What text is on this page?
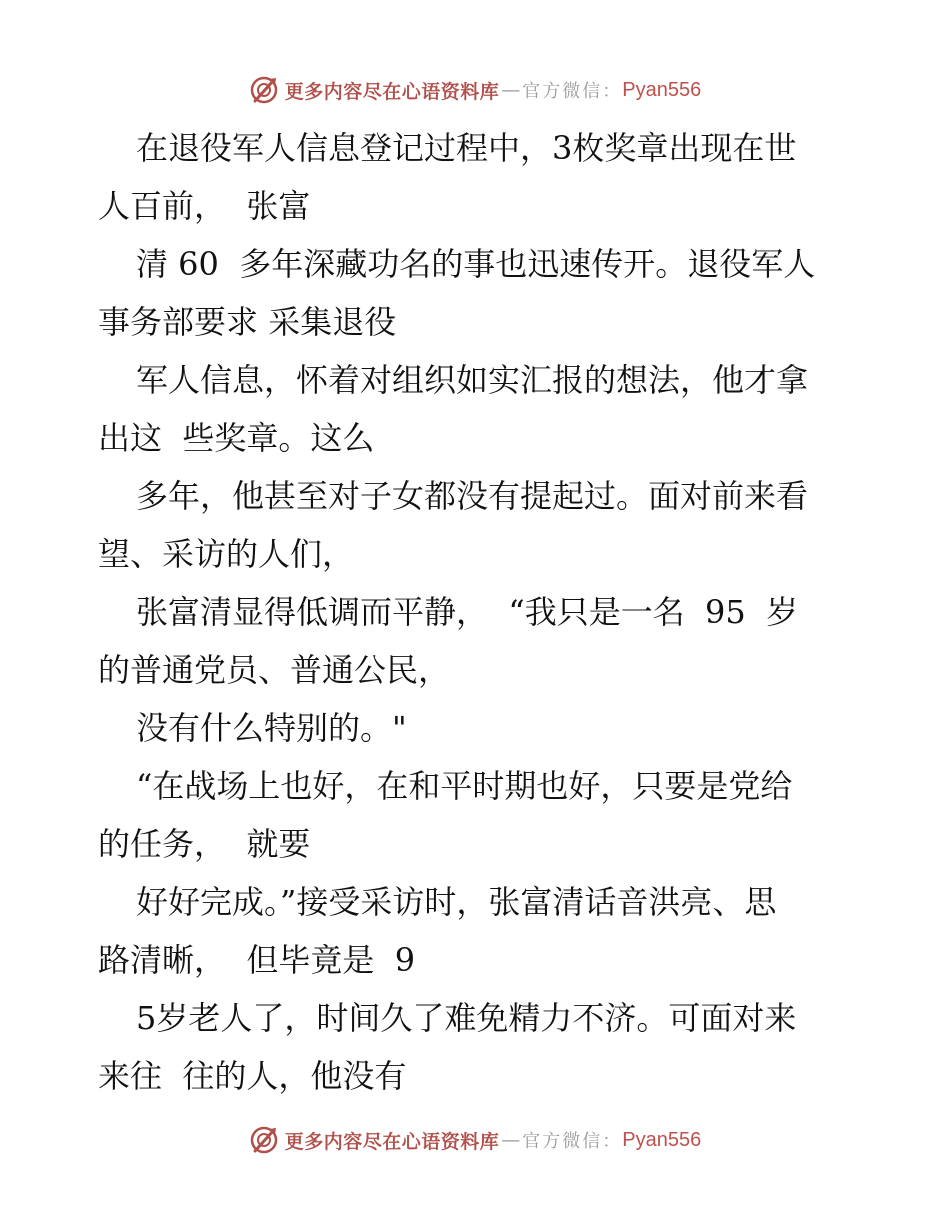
更多内容尽在心语资料库 — 官方微信： Pyan556

在退役军人信息登记过程中，3枚奖章出现在世

人百前，  张富

清 60  多年深藏功名的事也迅速传开。退役军人

事务部要求 采集退役

军人信息，怀着对组织如实汇报的想法，他才拿

出这  些奖章。这么

多年，他甚至对子女都没有提起过。面对前来看

望、采访的人们，

张富清显得低调而平静，  “我只是一名  95  岁

的普通党员、普通公民，

没有什么特别的。"

“在战场上也好，在和平时期也好，只要是党给

的任务，  就要

好好完成。”接受采访时，张富清话音洪亮、思

路清晰，  但毕竟是  9

5岁老人了，时间久了难免精力不济。可面对来

来往  往的人，他没有

更多内容尽在心语资料库 — 官方微信： Pyan556
